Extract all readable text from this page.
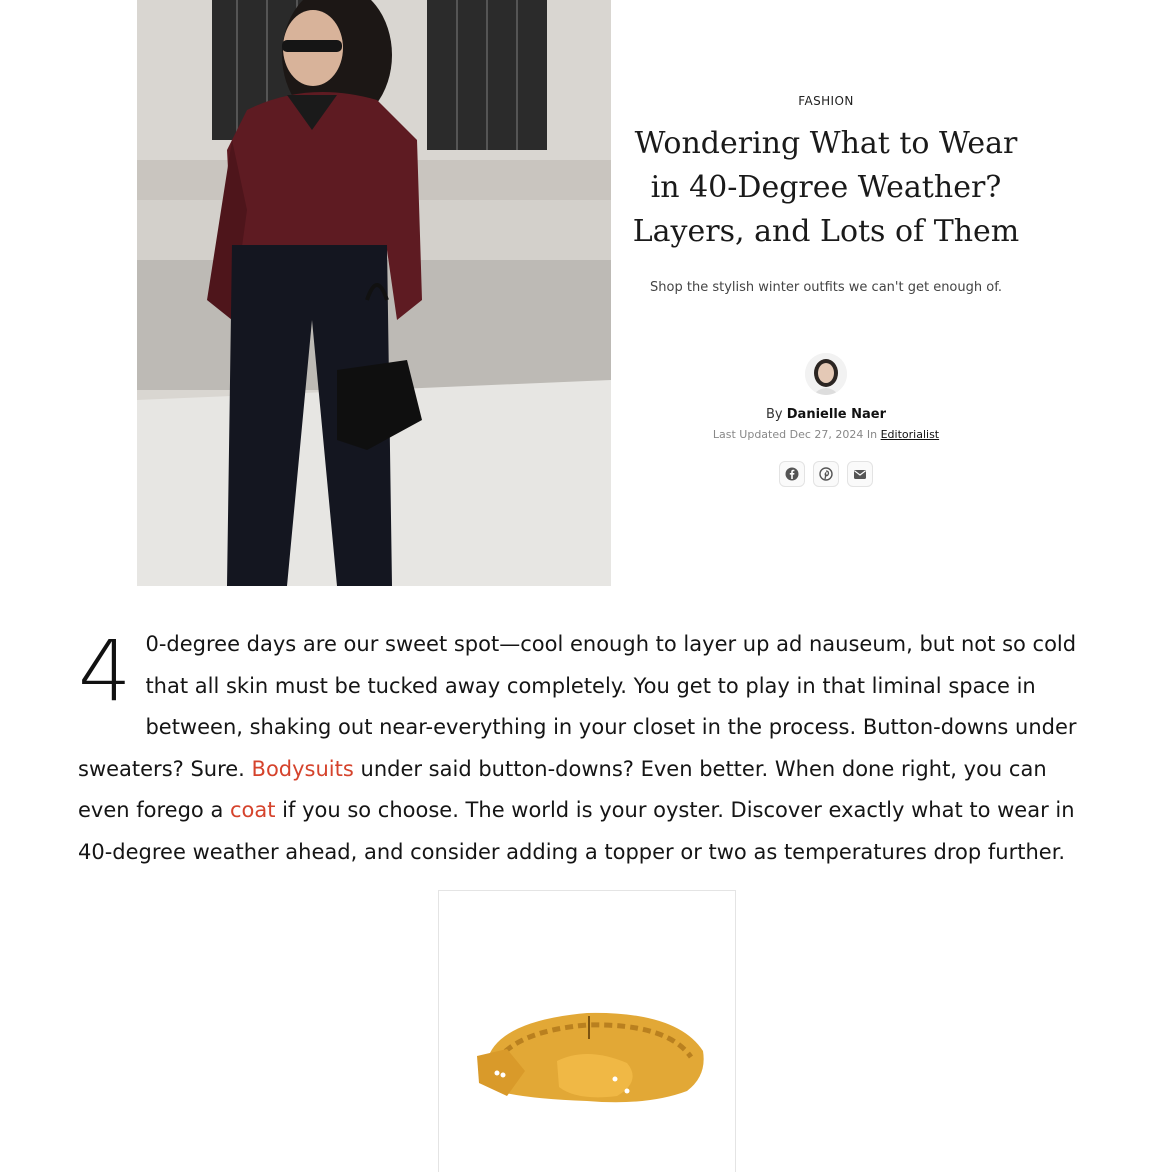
FASHION
Wondering What to Wear in 40-Degree Weather? Layers, and Lots of Them

Shop the stylish winter outfits we can't get enough of.

By Danielle Naer
Last Updated Dec 27, 2024 In Editorialist
4 0-degree days are our sweet spot—cool enough to layer up ad nauseum, but not so cold that all skin must be tucked away completely. You get to play in that liminal space in between, shaking out near-everything in your closet in the process. Button-downs under sweaters? Sure. Bodysuits under said button-downs? Even better. When done right, you can even forego a coat if you so choose. The world is your oyster. Discover exactly what to wear in 40-degree weather ahead, and consider adding a topper or two as temperatures drop further.
